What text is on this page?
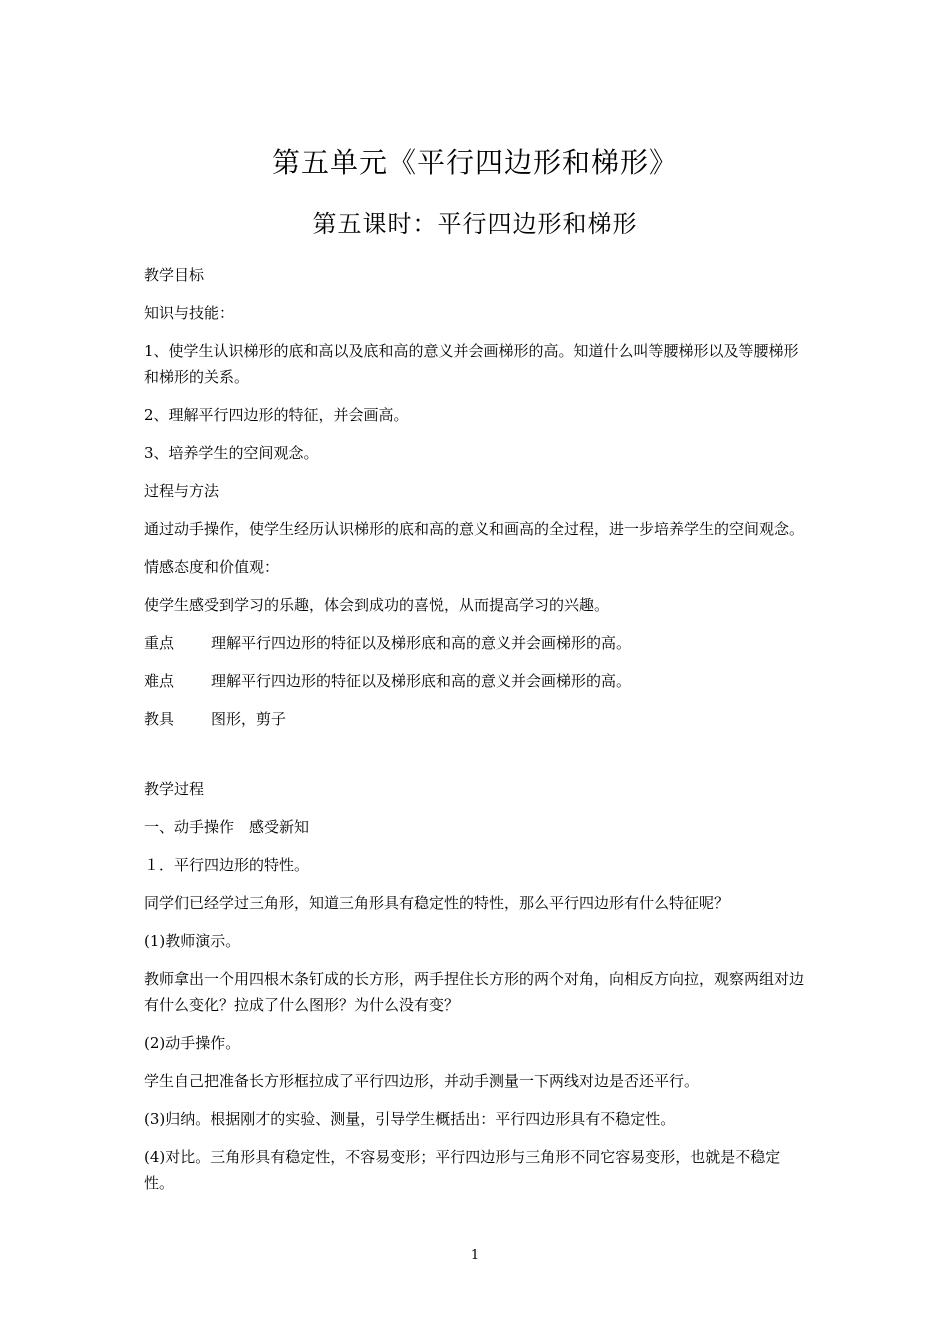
第五单元《平行四边形和梯形》
第五课时：平行四边形和梯形

教学目标

知识与技能：

1、使学生认识梯形的底和高以及底和高的意义并会画梯形的高。知道什么叫等腰梯形以及等腰梯形和梯形的关系。

2、理解平行四边形的特征，并会画高。

3、培养学生的空间观念。

过程与方法

通过动手操作，使学生经历认识梯形的底和高的意义和画高的全过程，进一步培养学生的空间观念。

情感态度和价值观：

使学生感受到学习的乐趣，体会到成功的喜悦，从而提高学习的兴趣。

重点 理解平行四边形的特征以及梯形底和高的意义并会画梯形的高。

难点 理解平行四边形的特征以及梯形底和高的意义并会画梯形的高。

教具 图形，剪子

教学过程

一、动手操作　感受新知

１．平行四边形的特性。

同学们已经学过三角形，知道三角形具有稳定性的特性，那么平行四边形有什么特征呢？

(1)教师演示。

教师拿出一个用四根木条钉成的长方形，两手捏住长方形的两个对角，向相反方向拉，观察两组对边有什么变化？拉成了什么图形？为什么没有变？

(2)动手操作。

学生自己把准备长方形框拉成了平行四边形，并动手测量一下两线对边是否还平行。

(3)归纳。根据刚才的实验、测量，引导学生概括出：平行四边形具有不稳定性。

(4)对比。三角形具有稳定性，不容易变形；平行四边形与三角形不同它容易变形，也就是不稳定性。

1
